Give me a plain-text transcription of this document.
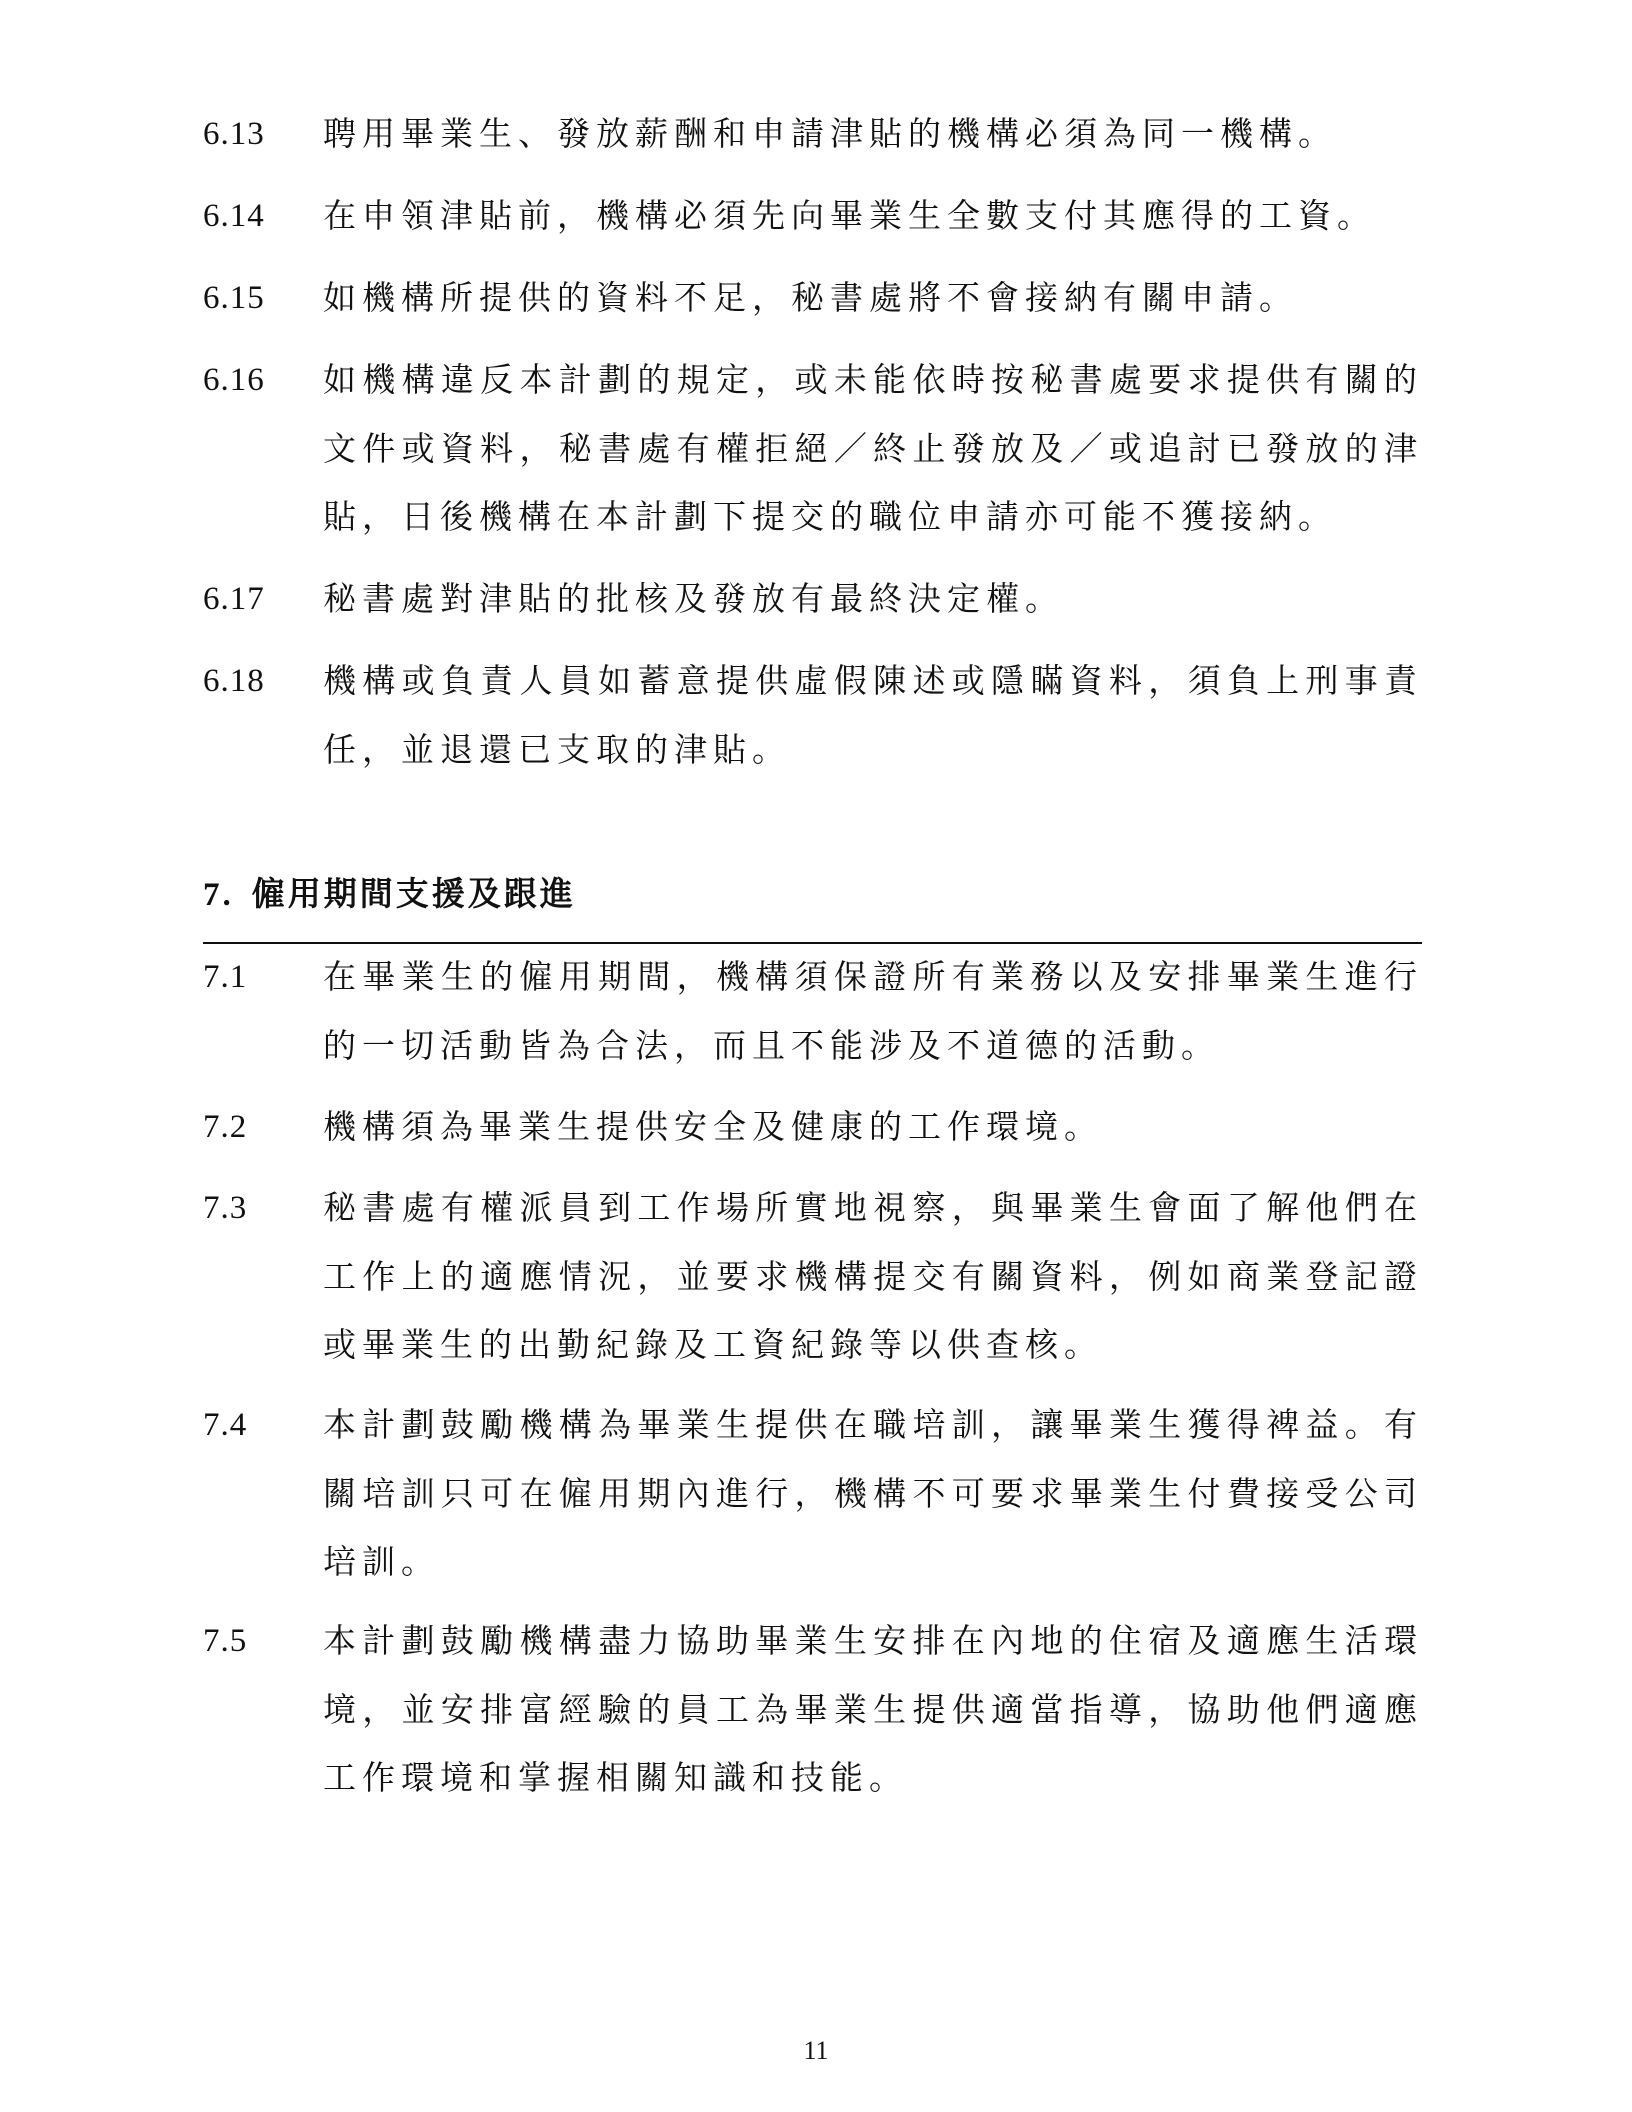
6.13 聘用畢業生、發放薪酬和申請津貼的機構必須為同一機構。
6.14 在申領津貼前，機構必須先向畢業生全數支付其應得的工資。
6.15 如機構所提供的資料不足，秘書處將不會接納有關申請。
6.16 如機構違反本計劃的規定，或未能依時按秘書處要求提供有關的文件或資料，秘書處有權拒絕／終止發放及／或追討已發放的津貼，日後機構在本計劃下提交的職位申請亦可能不獲接納。
6.17 秘書處對津貼的批核及發放有最終決定權。
6.18 機構或負責人員如蓄意提供虛假陳述或隱瞞資料，須負上刑事責任，並退還已支取的津貼。
7. 僱用期間支援及跟進
7.1 在畢業生的僱用期間，機構須保證所有業務以及安排畢業生進行的一切活動皆為合法，而且不能涉及不道德的活動。
7.2 機構須為畢業生提供安全及健康的工作環境。
7.3 秘書處有權派員到工作場所實地視察，與畢業生會面了解他們在工作上的適應情況，並要求機構提交有關資料，例如商業登記證或畢業生的出勤紀錄及工資紀錄等以供查核。
7.4 本計劃鼓勵機構為畢業生提供在職培訓，讓畢業生獲得裨益。有關培訓只可在僱用期內進行，機構不可要求畢業生付費接受公司培訓。
7.5 本計劃鼓勵機構盡力協助畢業生安排在內地的住宿及適應生活環境，並安排富經驗的員工為畢業生提供適當指導，協助他們適應工作環境和掌握相關知識和技能。
11
